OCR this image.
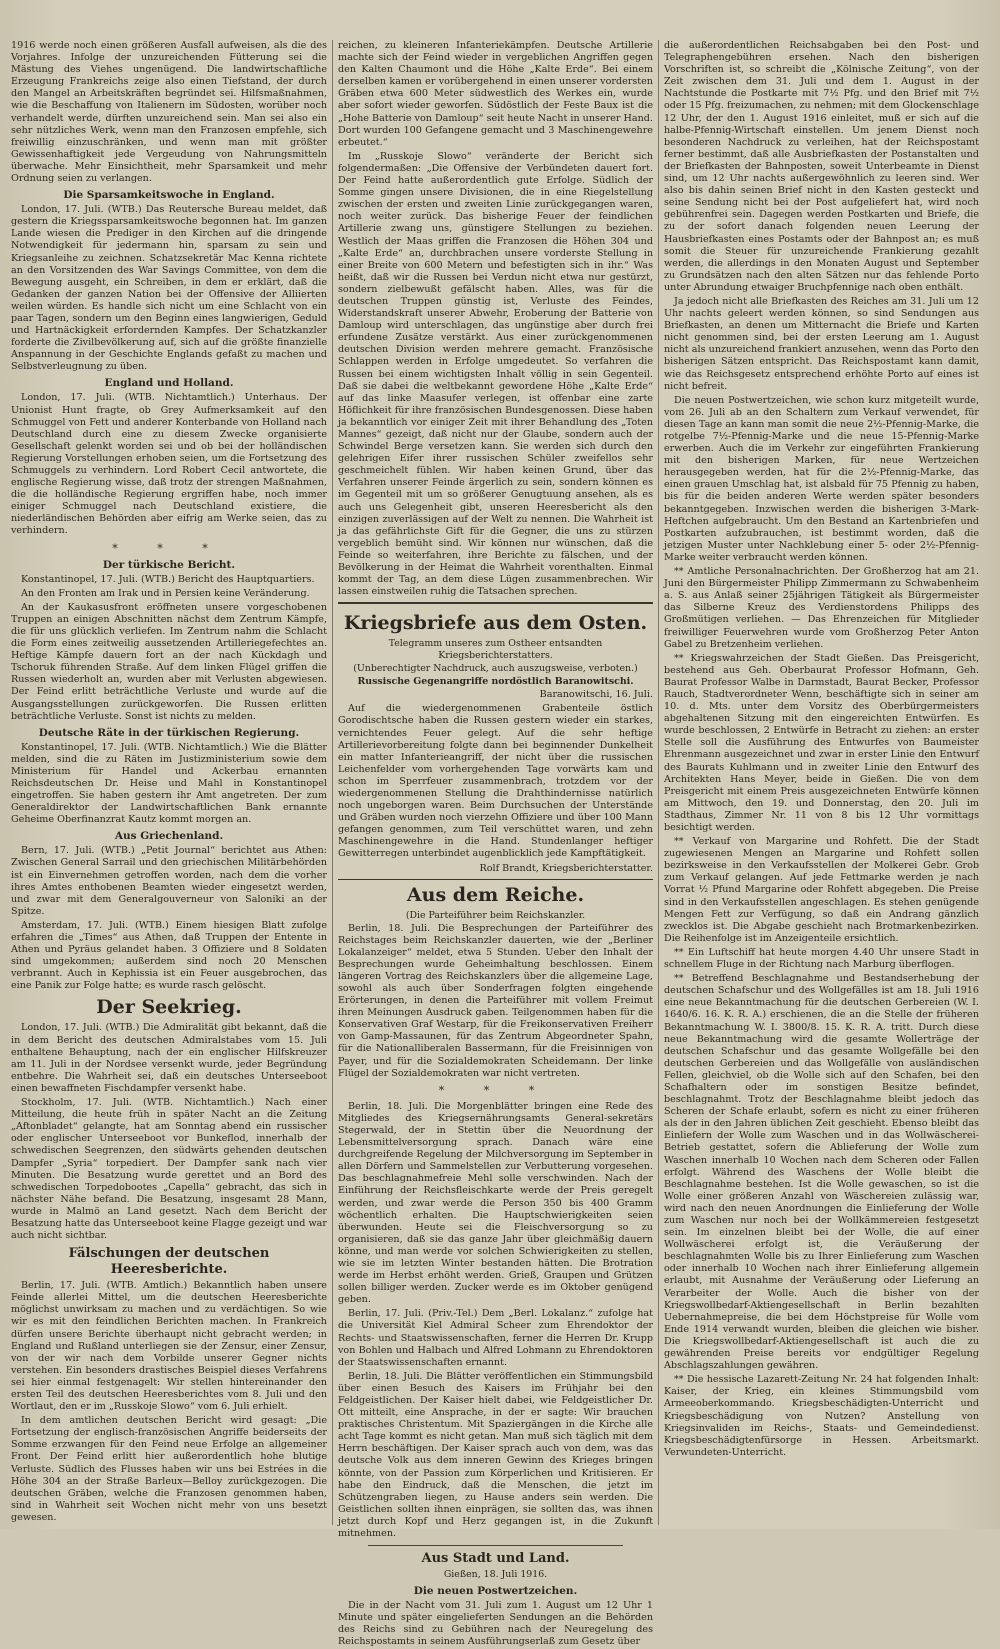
1916 werde noch einen größeren Ausfall aufweisen, als die des Vorjahres. Infolge der unzureichenden Fütterung sei die Mästung des Viehes ungenügend. Die landwirtschaftliche Erzeugung Frankreichs zeige also einen Tiefstand, der durch den Mangel an Arbeitskräften begründet sei. Hilfsmaßnahmen, wie die Beschaffung von Italienern im Südosten, worüber noch verhandelt werde, dürften unzureichend sein. Man sei also ein sehr nützliches Werk, wenn man den Franzosen empfehle, sich freiwillig einzuschränken, und wenn man mit größter Gewissenhaftigkeit jede Vergeudung von Nahrungsmitteln überwache. Mehr Einsichtheit, mehr Sparsamkeit und mehr Ordnung seien zu verlangen.

Die Sparsamkeitswoche in England.

London, 17. Juli. (WTB.) Das Reutersche Bureau meldet, daß gestern die Kriegssparsamkeitswoche begonnen hat. Im ganzen Lande wiesen die Prediger in den Kirchen auf die dringende Notwendigkeit für jedermann hin, sparsam zu sein und Kriegsanleihe zu zeichnen. Schatzsekretär Mac Kenna richtete an den Vorsitzenden des War Savings Committee, von dem die Bewegung ausgeht, ein Schreiben, in dem er erklärt, daß die Gedanken der ganzen Nation bei der Offensive der Alliierten weilen würden. Es handle sich nicht um eine Schlacht von ein paar Tagen, sondern um den Beginn eines langwierigen, Geduld und Hartnäckigkeit erfordernden Kampfes. Der Schatzkanzler forderte die Zivilbevölkerung auf, sich auf die größte finanzielle Anspannung in der Geschichte Englands gefaßt zu machen und Selbstverleugnung zu üben.

England und Holland.

London, 17. Juli. (WTB. Nichtamtlich.) Unterhaus. Der Unionist Hunt fragte, ob Grey Aufmerksamkeit auf den Schmuggel von Fett und anderer Konterbande von Holland nach Deutschland durch eine zu diesem Zwecke organisierte Gesellschaft gelenkt worden sei und ob bei der holländischen Regierung Vorstellungen erhoben seien, um die Fortsetzung des Schmuggels zu verhindern. Lord Robert Cecil antwortete, die englische Regierung wisse, daß trotz der strengen Maßnahmen, die die holländische Regierung ergriffen habe, noch immer einiger Schmuggel nach Deutschland existiere, die niederländischen Behörden aber eifrig am Werke seien, das zu verhindern.

* * *
Der türkische Bericht.

Konstantinopel, 17. Juli. (WTB.) Bericht des Hauptquartiers.

An den Fronten am Irak und in Persien keine Veränderung.

An der Kaukasusfront eröffneten unsere vorgeschobenen Truppen an einigen Abschnitten nächst dem Zentrum Kämpfe, die für uns glücklich verliefen. Im Zentrum nahm die Schlacht die Form eines zeitweilig aussetzenden Artilleriegefechtes an. Heftige Kämpfe dauern fort an der nach Kückdagh und Tschoruk führenden Straße. Auf dem linken Flügel griffen die Russen wiederholt an, wurden aber mit Verlusten abgewiesen. Der Feind erlitt beträchtliche Verluste und wurde auf die Ausgangsstellungen zurückgeworfen. Die Russen erlitten beträchtliche Verluste. Sonst ist nichts zu melden.

Deutsche Räte in der türkischen Regierung.

Konstantinopel, 17. Juli. (WTB. Nichtamtlich.) Wie die Blätter melden, sind die zu Räten im Justizministerium sowie dem Ministerium für Handel und Ackerbau ernannten Reichsdeutschen Dr. Heise und Mahl in Konstantinopel eingetroffen. Sie haben gestern ihr Amt angetreten. Der zum Generaldirektor der Landwirtschaftlichen Bank ernannte Geheime Oberfinanzrat Kautz kommt morgen an.

Aus Griechenland.

Bern, 17. Juli. (WTB.) „Petit Journal“ berichtet aus Athen: Zwischen General Sarrail und den griechischen Militärbehörden ist ein Einvernehmen getroffen worden, nach dem die vorher ihres Amtes enthobenen Beamten wieder eingesetzt werden, und zwar mit dem Generalgouverneur von Saloniki an der Spitze.

Amsterdam, 17. Juli. (WTB.) Einem hiesigen Blatt zufolge erfahren die „Times“ aus Athen, daß Truppen der Entente in Athen und Pyräus gelandet haben. 3 Offiziere und 8 Soldaten sind umgekommen; außerdem sind noch 20 Menschen verbrannt. Auch in Kephissia ist ein Feuer ausgebrochen, das eine Panik zur Folge hatte; es wurde rasch gelöscht.

Der Seekrieg.

London, 17. Juli. (WTB.) Die Admiralität gibt bekannt, daß die in dem Bericht des deutschen Admiralstabes vom 15. Juli enthaltene Behauptung, nach der ein englischer Hilfskreuzer am 11. Juli in der Nordsee versenkt wurde, jeder Begründung entbehre. Die Wahrheit sei, daß ein deutsches Unterseeboot einen bewaffneten Fischdampfer versenkt habe.

Stockholm, 17. Juli. (WTB. Nichtamtlich.) Nach einer Mitteilung, die heute früh in später Nacht an die Zeitung „Aftonbladet“ gelangte, hat am Sonntag abend ein russischer oder englischer Unterseeboot vor Bunkeflod, innerhalb der schwedischen Seegrenzen, den südwärts gehenden deutschen Dampfer „Syria“ torpediert. Der Dampfer sank nach vier Minuten. Die Besatzung wurde gerettet und an Bord des schwedischen Torpedobootes „Capella“ gebracht, das sich in nächster Nähe befand. Die Besatzung, insgesamt 28 Mann, wurde in Malmö an Land gesetzt. Nach dem Bericht der Besatzung hatte das Unterseeboot keine Flagge gezeigt und war auch nicht sichtbar.

Fälschungen der deutschen Heeresberichte.

Berlin, 17. Juli. (WTB. Amtlich.) Bekanntlich haben unsere Feinde allerlei Mittel, um die deutschen Heeresberichte möglichst unwirksam zu machen und zu verdächtigen. So wie wir es mit den feindlichen Berichten machen. In Frankreich dürfen unsere Berichte überhaupt nicht gebracht werden; in England und Rußland unterliegen sie der Zensur, einer Zensur, von der wir nach dem Vorbilde unserer Gegner nichts verstehen. Ein besonders drastisches Beispiel dieses Verfahrens sei hier einmal festgenagelt: Wir stellen hintereinander den ersten Teil des deutschen Heeresberichtes vom 8. Juli und den Wortlaut, den er im „Russkoje Slowo“ vom 6. Juli erhielt.

In dem amtlichen deutschen Bericht wird gesagt: „Die Fortsetzung der englisch-französischen Angriffe beiderseits der Somme erzwangen für den Feind neue Erfolge an allgemeiner Front. Der Feind erlitt hier außerordentlich hohe blutige Verluste. Südlich des Flusses haben wir uns bei Estrées in die Höhe 304 an der Straße Barleux—Belloy zurückgezogen. Die deutschen Gräben, welche die Franzosen genommen haben, sind in Wahrheit seit Wochen nicht mehr von uns besetzt gewesen.

reichen, zu kleineren Infanteriekämpfen. Deutsche Artillerie machte sich der Feind wieder in vergeblichen Angriffen gegen den Kalten Chaumont und die Höhe „Kalte Erde“. Bei einem derselben kamen er vorübergehend in einen unserer vordersten Gräben etwa 600 Meter südwestlich des Werkes ein, wurde aber sofort wieder geworfen. Südöstlich der Feste Baux ist die „Hohe Batterie von Damloup“ seit heute Nacht in unserer Hand. Dort wurden 100 Gefangene gemacht und 3 Maschinengewehre erbeutet.“

Im „Russkoje Slowo“ veränderte der Bericht sich folgendermaßen: „Die Offensive der Verbündeten dauert fort. Der Feind hatte außerordentlich gute Erfolge. Südlich der Somme gingen unsere Divisionen, die in eine Riegelstellung zwischen der ersten und zweiten Linie zurückgegangen waren, noch weiter zurück. Das bisherige Feuer der feindlichen Artillerie zwang uns, günstigere Stellungen zu beziehen. Westlich der Maas griffen die Franzosen die Höhen 304 und „Kalte Erde“ an, durchbrachen unsere vorderste Stellung in einer Breite von 600 Metern und befestigten sich in ihr.“ Was heißt, daß wir die Russen bei Verdun nicht etwa nur gestürzt, sondern zielbewußt gefälscht haben. Alles, was für die deutschen Truppen günstig ist, Verluste des Feindes, Widerstandskraft unserer Abwehr, Eroberung der Batterie von Damloup wird unterschlagen, das ungünstige aber durch frei erfundene Zusätze verstärkt. Aus einer zurückgenommenen deutschen Division werden mehrere gemacht. Französische Schlappen werden in Erfolge umgedeutet. So verfahren die Russen bei einem wichtigsten Inhalt völlig in sein Gegenteil. Daß sie dabei die weltbekannt gewordene Höhe „Kalte Erde“ auf das linke Maasufer verlegen, ist offenbar eine zarte Höflichkeit für ihre französischen Bundesgenossen. Diese haben ja bekanntlich vor einiger Zeit mit ihrer Behandlung des „Toten Mannes“ gezeigt, daß nicht nur der Glaube, sondern auch der Schwindel Berge versetzen kann. Sie werden sich durch den gelehrigen Eifer ihrer russischen Schüler zweifellos sehr geschmeichelt fühlen. Wir haben keinen Grund, über das Verfahren unserer Feinde ärgerlich zu sein, sondern können es im Gegenteil mit um so größerer Genugtuung ansehen, als es auch uns Gelegenheit gibt, unseren Heeresbericht als den einzigen zuverlässigen auf der Welt zu nennen. Die Wahrheit ist ja das gefährlichste Gift für die Gegner, die uns zu stürzen vergeblich bemüht sind. Wir können nur wünschen, daß die Feinde so weiterfahren, ihre Berichte zu fälschen, und der Bevölkerung in der Heimat die Wahrheit vorenthalten. Einmal kommt der Tag, an dem diese Lügen zusammenbrechen. Wir lassen einstweilen ruhig die Tatsachen sprechen.

Kriegsbriefe aus dem Osten.

Telegramm unseres zum Ostheer entsandten Kriegsberichterstatters.

(Unberechtigter Nachdruck, auch auszugsweise, verboten.)

Russische Gegenangriffe nordöstlich Baranowitschi.

Baranowitschi, 16. Juli.

Auf die wiedergenommenen Grabenteile östlich Gorodischtsche haben die Russen gestern wieder ein starkes, vernichtendes Feuer gelegt. Auf die sehr heftige Artillerievorbereitung folgte dann bei beginnender Dunkelheit ein matter Infanterieangriff, der nicht über die russischen Leichenfelder vom vorhergehenden Tage vorwärts kam und schon im Sperrfeuer zusammenbrach, trotzdem vor der wiedergenommenen Stellung die Drahthindernisse natürlich noch ungeborgen waren. Beim Durchsuchen der Unterstände und Gräben wurden noch vierzehn Offiziere und über 100 Mann gefangen genommen, zum Teil verschüttet waren, und zehn Maschinengewehre in die Hand. Stundenlanger heftiger Gewitterregen unterbindet augenblicklich jede Kampftätigkeit.

Rolf Brandt, Kriegsberichterstatter.

Aus dem Reiche.

(Die Parteiführer beim Reichskanzler.

Berlin, 18. Juli. Die Besprechungen der Parteiführer des Reichstages beim Reichskanzler dauerten, wie der „Berliner Lokalanzeiger“ meldet, etwa 5 Stunden. Ueber den Inhalt der Besprechungen wurde Geheimhaltung beschlossen. Einem längeren Vortrag des Reichskanzlers über die allgemeine Lage, sowohl als auch über Sonderfragen folgten eingehende Erörterungen, in denen die Parteiführer mit vollem Freimut ihren Meinungen Ausdruck gaben. Teilgenommen haben für die Konservativen Graf Westarp, für die Freikonservativen Freiherr von Gamp-Massaunen, für das Zentrum Abgeordneter Spahn, für die Nationalliberalen Bassermann, für die Freisinnigen von Payer, und für die Sozialdemokraten Scheidemann. Der linke Flügel der Sozialdemokraten war nicht vertreten.

* * *

Berlin, 18. Juli. Die Morgenblätter bringen eine Rede des Mitgliedes des Kriegsernährungsamts General-sekretärs Stegerwald, der in Stettin über die Neuordnung der Lebensmittelversorgung sprach. Danach wäre eine durchgreifende Regelung der Milchversorgung im September in allen Dörfern und Sammelstellen zur Verbutterung vorgesehen. Das beschlagnahmefreie Mehl solle verschwinden. Nach der Einführung der Reichsfleischkarte werde der Preis geregelt werden, und zwar werde die Person 350 bis 400 Gramm wöchentlich erhalten. Die Hauptschwierigkeiten seien überwunden. Heute sei die Fleischversorgung so zu organisieren, daß sie das ganze Jahr über gleichmäßig dauern könne, und man werde vor solchen Schwierigkeiten zu stellen, wie sie im letzten Winter bestanden hätten. Die Brotration werde im Herbst erhöht werden. Grieß, Graupen und Grützen sollen billiger werden. Zucker werde es im Oktober genügend geben.

Berlin, 17. Juli. (Priv.-Tel.) Dem „Berl. Lokalanz.“ zufolge hat die Universität Kiel Admiral Scheer zum Ehrendoktor der Rechts- und Staatswissenschaften, ferner die Herren Dr. Krupp von Bohlen und Halbach und Alfred Lohmann zu Ehrendoktoren der Staatswissenschaften ernannt.

Berlin, 18. Juli. Die Blätter veröffentlichen ein Stimmungsbild über einen Besuch des Kaisers im Frühjahr bei den Feldgeistlichen. Der Kaiser hielt dabei, wie Feldgeistlicher Dr. Ott mitteilt, eine Ansprache, in der er sagte: Wir brauchen praktisches Christentum. Mit Spaziergängen in die Kirche alle acht Tage kommt es nicht getan. Man muß sich täglich mit dem Herrn beschäftigen. Der Kaiser sprach auch von dem, was das deutsche Volk aus dem inneren Gewinn des Krieges bringen könnte, von der Passion zum Körperlichen und Kritisieren. Er habe den Eindruck, daß die Menschen, die jetzt im Schützengraben liegen, zu Hause anders sein werden. Die Geistlichen sollten ihnen einprägen, sie sollten das, was ihnen jetzt durch Kopf und Herz gegangen ist, in die Zukunft mitnehmen.

Aus Stadt und Land.

Gießen, 18. Juli 1916.

Die neuen Postwertzeichen.

Die in der Nacht vom 31. Juli zum 1. August um 12 Uhr 1 Minute und später eingelieferten Sendungen an die Behörden des Reichs sind zu Gebühren nach der Neuregelung des Reichspostamts in seinem Ausführungserlaß zum Gesetz über

die außerordentlichen Reichsabgaben bei den Post- und Telegraphengebühren ersehen. Nach den bisherigen Vorschriften ist, so schreibt die „Kölnische Zeitung“, von der Zeit zwischen dem 31. Juli und dem 1. August in der Nachtstunde die Postkarte mit 7½ Pfg. und den Brief mit 7½ oder 15 Pfg. freizumachen, zu nehmen; mit dem Glockenschlage 12 Uhr, der den 1. August 1916 einleitet, muß er sich auf die halbe-Pfennig-Wirtschaft einstellen. Um jenem Dienst noch besonderen Nachdruck zu verleihen, hat der Reichspostamt ferner bestimmt, daß alle Ausbriefkasten der Postanstalten und der Briefkasten der Bahnposten, soweit Unterbeamte in Dienst sind, um 12 Uhr nachts außergewöhnlich zu leeren sind. Wer also bis dahin seinen Brief nicht in den Kasten gesteckt und seine Sendung nicht bei der Post aufgeliefert hat, wird noch gebührenfrei sein. Dagegen werden Postkarten und Briefe, die zu der sofort danach folgenden neuen Leerung der Hausbriefkasten eines Postamts oder der Bahnpost an; es muß somit die Steuer für unzureichende Frankierung gezahlt werden, die allerdings in den Monaten August und September zu Grundsätzen nach den alten Sätzen nur das fehlende Porto unter Abrundung etwaiger Bruchpfennige nach oben enthält.

Ja jedoch nicht alle Briefkasten des Reiches am 31. Juli um 12 Uhr nachts geleert werden können, so sind Sendungen aus Briefkasten, an denen um Mitternacht die Briefe und Karten nicht genommen sind, bei der ersten Leerung am 1. August nicht als unzureichend frankiert anzusehen, wenn das Porto den bisherigen Sätzen entspricht. Das Reichspostamt kann damit, wie das Reichsgesetz entsprechend erhöhte Porto auf eines ist nicht befreit.

Die neuen Postwertzeichen, wie schon kurz mitgeteilt wurde, vom 26. Juli ab an den Schaltern zum Verkauf verwendet, für diesen Tage an kann man somit die neue 2½-Pfennig-Marke, die rotgelbe 7½-Pfennig-Marke und die neue 15-Pfennig-Marke erwerben. Auch die im Verkehr zur eingeführten Frankierung mit den bisherigen Marken, für neue Wertzeichen herausgegeben werden, hat für die 2½-Pfennig-Marke, das einen grauen Umschlag hat, ist alsbald für 75 Pfennig zu haben, bis für die beiden anderen Werte werden später besonders bekanntgegeben. Inzwischen werden die bisherigen 3-Mark-Heftchen aufgebraucht. Um den Bestand an Kartenbriefen und Postkarten aufzubrauchen, ist bestimmt worden, daß die jetzigen Muster unter Nachklebung einer 5- oder 2½-Pfennig-Marke weiter verbraucht werden können.

** Amtliche Personalnachrichten. Der Großherzog hat am 21. Juni den Bürgermeister Philipp Zimmermann zu Schwabenheim a. S. aus Anlaß seiner 25jährigen Tätigkeit als Bürgermeister das Silberne Kreuz des Verdienstordens Philipps des Großmütigen verliehen. — Das Ehrenzeichen für Mitglieder freiwilliger Feuerwehren wurde vom Großherzog Peter Anton Gabel zu Bretzenheim verliehen.

** Kriegswahrzeichen der Stadt Gießen. Das Preisgericht, bestehend aus Geh. Oberbaurat Professor Hofmann, Geh. Baurat Professor Walbe in Darmstadt, Baurat Becker, Professor Rauch, Stadtverordneter Wenn, beschäftigte sich in seiner am 10. d. Mts. unter dem Vorsitz des Oberbürgermeisters abgehaltenen Sitzung mit den eingereichten Entwürfen. Es wurde beschlossen, 2 Entwürfe in Betracht zu ziehen: an erster Stelle soll die Ausführung des Entwurfes von Baumeister Ehrenmann ausgezeichnet und zwar in erster Linie den Entwurf des Baurats Kuhlmann und in zweiter Linie den Entwurf des Architekten Hans Meyer, beide in Gießen. Die von dem Preisgericht mit einem Preis ausgezeichneten Entwürfe können am Mittwoch, den 19. und Donnerstag, den 20. Juli im Stadthaus, Zimmer Nr. 11 von 8 bis 12 Uhr vormittags besichtigt werden.

** Verkauf von Margarine und Rohfett. Die der Stadt zugewiesenen Mengen an Margarine und Rohfett sollen bezirksweise in den Verkaufsstellen der Molkerei Gebr. Grob zum Verkauf gelangen. Auf jede Fettmarke werden je nach Vorrat ½ Pfund Margarine oder Rohfett abgegeben. Die Preise sind in den Verkaufsstellen angeschlagen. Es stehen genügende Mengen Fett zur Verfügung, so daß ein Andrang gänzlich zwecklos ist. Die Abgabe geschieht nach Brotmarkenbezirken. Die Reihenfolge ist im Anzeigenteile ersichtlich.

** Ein Luftschiff hat heute morgen 4.40 Uhr unsere Stadt in schnellem Fluge in der Richtung nach Marburg überflogen.

** Betreffend Beschlagnahme und Bestandserhebung der deutschen Schafschur und des Wollgefälles ist am 18. Juli 1916 eine neue Bekanntmachung für die deutschen Gerbereien (W. I. 1640/6. 16. K. R. A.) erschienen, die an die Stelle der früheren Bekanntmachung W. I. 3800/8. 15. K. R. A. tritt. Durch diese neue Bekanntmachung wird die gesamte Wollerträge der deutschen Schafschur und das gesamte Wollgefälle bei den deutschen Gerbereien und das Wollgefälle von ausländischen Fellen, gleichviel, ob die Wolle sich auf den Schafen, bei den Schafhaltern oder im sonstigen Besitze befindet, beschlagnahmt. Trotz der Beschlagnahme bleibt jedoch das Scheren der Schafe erlaubt, sofern es nicht zu einer früheren als der in den Jahren üblichen Zeit geschieht. Ebenso bleibt das Einliefern der Wolle zum Waschen und in das Wollwäscherei-Betrieb gestattet, sofern die Ablieferung der Wolle zum Waschen innerhalb 10 Wochen nach dem Scheren oder Fallen erfolgt. Während des Waschens der Wolle bleibt die Beschlagnahme bestehen. Ist die Wolle gewaschen, so ist die Wolle einer größeren Anzahl von Wäschereien zulässig war, wird nach den neuen Anordnungen die Einlieferung der Wolle zum Waschen nur noch bei der Wollkämmereien festgesetzt sein. Im einzelnen bleibt bei der Wolle, die auf einer Wollwäscherei erfolgt ist, die Veräußerung der beschlagnahmten Wolle bis zu Ihrer Einlieferung zum Waschen oder innerhalb 10 Wochen nach ihrer Einlieferung allgemein erlaubt, mit Ausnahme der Veräußerung oder Lieferung an Verarbeiter der Wolle. Auch die bisher von der Kriegswollbedarf-Aktiengesellschaft in Berlin bezahlten Uebernahmepreise, die bei dem Höchstpreise für Wolle vom Ende 1914 verwandt wurden, bleiben die gleichen wie bisher. Die Kriegswollbedarf-Aktiengesellschaft ist auch die zu gewährenden Preise bereits vor endgültiger Regelung Abschlagszahlungen gewähren.

** Die hessische Lazarett-Zeitung Nr. 24 hat folgenden Inhalt: Kaiser, der Krieg, ein kleines Stimmungsbild vom Armeeoberkommando. Kriegsbeschädigten-Unterricht und Kriegsbeschädigung von Nutzen? Anstellung von Kriegsinvaliden im Reichs-, Staats- und Gemeindedienst. Kriegsbeschädigtenfürsorge in Hessen. Arbeitsmarkt. Verwundeten-Unterricht.
